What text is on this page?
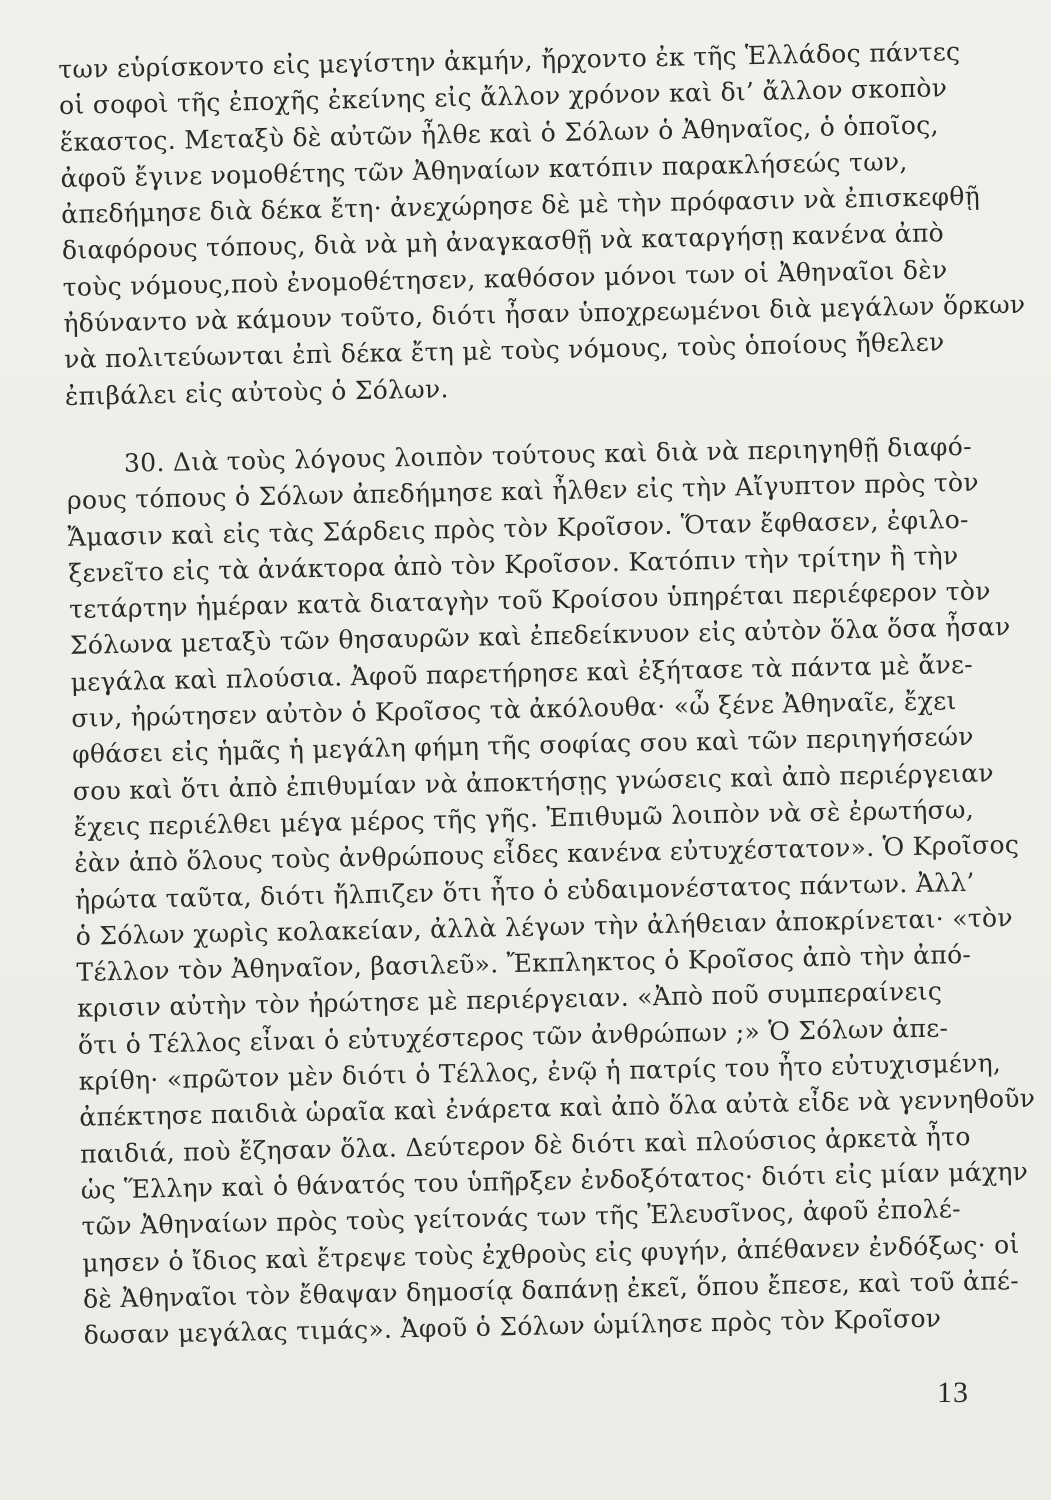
των εὑρίσκοντο εἰς μεγίστην ἀκμήν, ἤρχοντο ἐκ τῆς Ἑλλάδος πάντες
οἱ σοφοὶ τῆς ἐποχῆς ἐκείνης εἰς ἄλλον χρόνον καὶ δι’ ἄλλον σκοπὸν
ἕκαστος. Μεταξὺ δὲ αὐτῶν ἦλθε καὶ ὁ Σόλων ὁ Ἀθηναῖος, ὁ ὁποῖος,
ἀφοῦ ἔγινε νομοθέτης τῶν Ἀθηναίων κατόπιν παρακλήσεώς των,
ἀπεδήμησε διὰ δέκα ἔτη· ἀνεχώρησε δὲ μὲ τὴν πρόφασιν νὰ ἐπισκεφθῇ
διαφόρους τόπους, διὰ νὰ μὴ ἀναγκασθῇ νὰ καταργήσῃ κανένα ἀπὸ
τοὺς νόμους,ποὺ ἐνομοθέτησεν, καθόσον μόνοι των οἱ Ἀθηναῖοι δὲν
ἠδύναντο νὰ κάμουν τοῦτο, διότι ἦσαν ὑποχρεωμένοι διὰ μεγάλων ὅρκων
νὰ πολιτεύωνται ἐπὶ δέκα ἔτη μὲ τοὺς νόμους, τοὺς ὁποίους ἤθελεν
ἐπιβάλει εἰς αὐτοὺς ὁ Σόλων.
30. Διὰ τοὺς λόγους λοιπὸν τούτους καὶ διὰ νὰ περιηγηθῇ διαφό-
ρους τόπους ὁ Σόλων ἀπεδήμησε καὶ ἦλθεν εἰς τὴν Αἴγυπτον πρὸς τὸν
Ἄμασιν καὶ εἰς τὰς Σάρδεις πρὸς τὸν Κροῖσον. Ὅταν ἔφθασεν, ἐφιλο-
ξενεῖτο εἰς τὰ ἀνάκτορα ἀπὸ τὸν Κροῖσον. Κατόπιν τὴν τρίτην ἢ τὴν
τετάρτην ἡμέραν κατὰ διαταγὴν τοῦ Κροίσου ὑπηρέται περιέφερον τὸν
Σόλωνα μεταξὺ τῶν θησαυρῶν καὶ ἐπεδείκνυον εἰς αὐτὸν ὅλα ὅσα ἦσαν
μεγάλα καὶ πλούσια. Ἀφοῦ παρετήρησε καὶ ἐξήτασε τὰ πάντα μὲ ἄνε-
σιν, ἠρώτησεν αὐτὸν ὁ Κροῖσος τὰ ἀκόλουθα· «ὦ ξένε Ἀθηναῖε, ἔχει
φθάσει εἰς ἡμᾶς ἡ μεγάλη φήμη τῆς σοφίας σου καὶ τῶν περιηγήσεών
σου καὶ ὅτι ἀπὸ ἐπιθυμίαν νὰ ἀποκτήσῃς γνώσεις καὶ ἀπὸ περιέργειαν
ἔχεις περιέλθει μέγα μέρος τῆς γῆς. Ἐπιθυμῶ λοιπὸν νὰ σὲ ἐρωτήσω,
ἐὰν ἀπὸ ὅλους τοὺς ἀνθρώπους εἶδες κανένα εὐτυχέστατον». Ὁ Κροῖσος
ἠρώτα ταῦτα, διότι ἤλπιζεν ὅτι ἦτο ὁ εὐδαιμονέστατος πάντων. Ἀλλ’
ὁ Σόλων χωρὶς κολακείαν, ἀλλὰ λέγων τὴν ἀλήθειαν ἀποκρίνεται· «τὸν
Τέλλον τὸν Ἀθηναῖον, βασιλεῦ». Ἔκπληκτος ὁ Κροῖσος ἀπὸ τὴν ἀπό-
κρισιν αὐτὴν τὸν ἠρώτησε μὲ περιέργειαν. «Ἀπὸ ποῦ συμπεραίνεις
ὅτι ὁ Τέλλος εἶναι ὁ εὐτυχέστερος τῶν ἀνθρώπων ;» Ὁ Σόλων ἀπε-
κρίθη· «πρῶτον μὲν διότι ὁ Τέλλος, ἐνῷ ἡ πατρίς του ἦτο εὐτυχισμένη,
ἀπέκτησε παιδιὰ ὡραῖα καὶ ἐνάρετα καὶ ἀπὸ ὅλα αὐτὰ εἶδε νὰ γεννηθοῦν
παιδιά, ποὺ ἔζησαν ὅλα. Δεύτερον δὲ διότι καὶ πλούσιος ἀρκετὰ ἦτο
ὡς Ἕλλην καὶ ὁ θάνατός του ὑπῆρξεν ἐνδοξότατος· διότι εἰς μίαν μάχην
τῶν Ἀθηναίων πρὸς τοὺς γείτονάς των τῆς Ἐλευσῖνος, ἀφοῦ ἐπολέ-
μησεν ὁ ἴδιος καὶ ἔτρεψε τοὺς ἐχθροὺς εἰς φυγήν, ἀπέθανεν ἐνδόξως· οἱ
δὲ Ἀθηναῖοι τὸν ἔθαψαν δημοσίᾳ δαπάνῃ ἐκεῖ, ὅπου ἔπεσε, καὶ τοῦ ἀπέ-
δωσαν μεγάλας τιμάς». Ἀφοῦ ὁ Σόλων ὡμίλησε πρὸς τὸν Κροῖσον
13
